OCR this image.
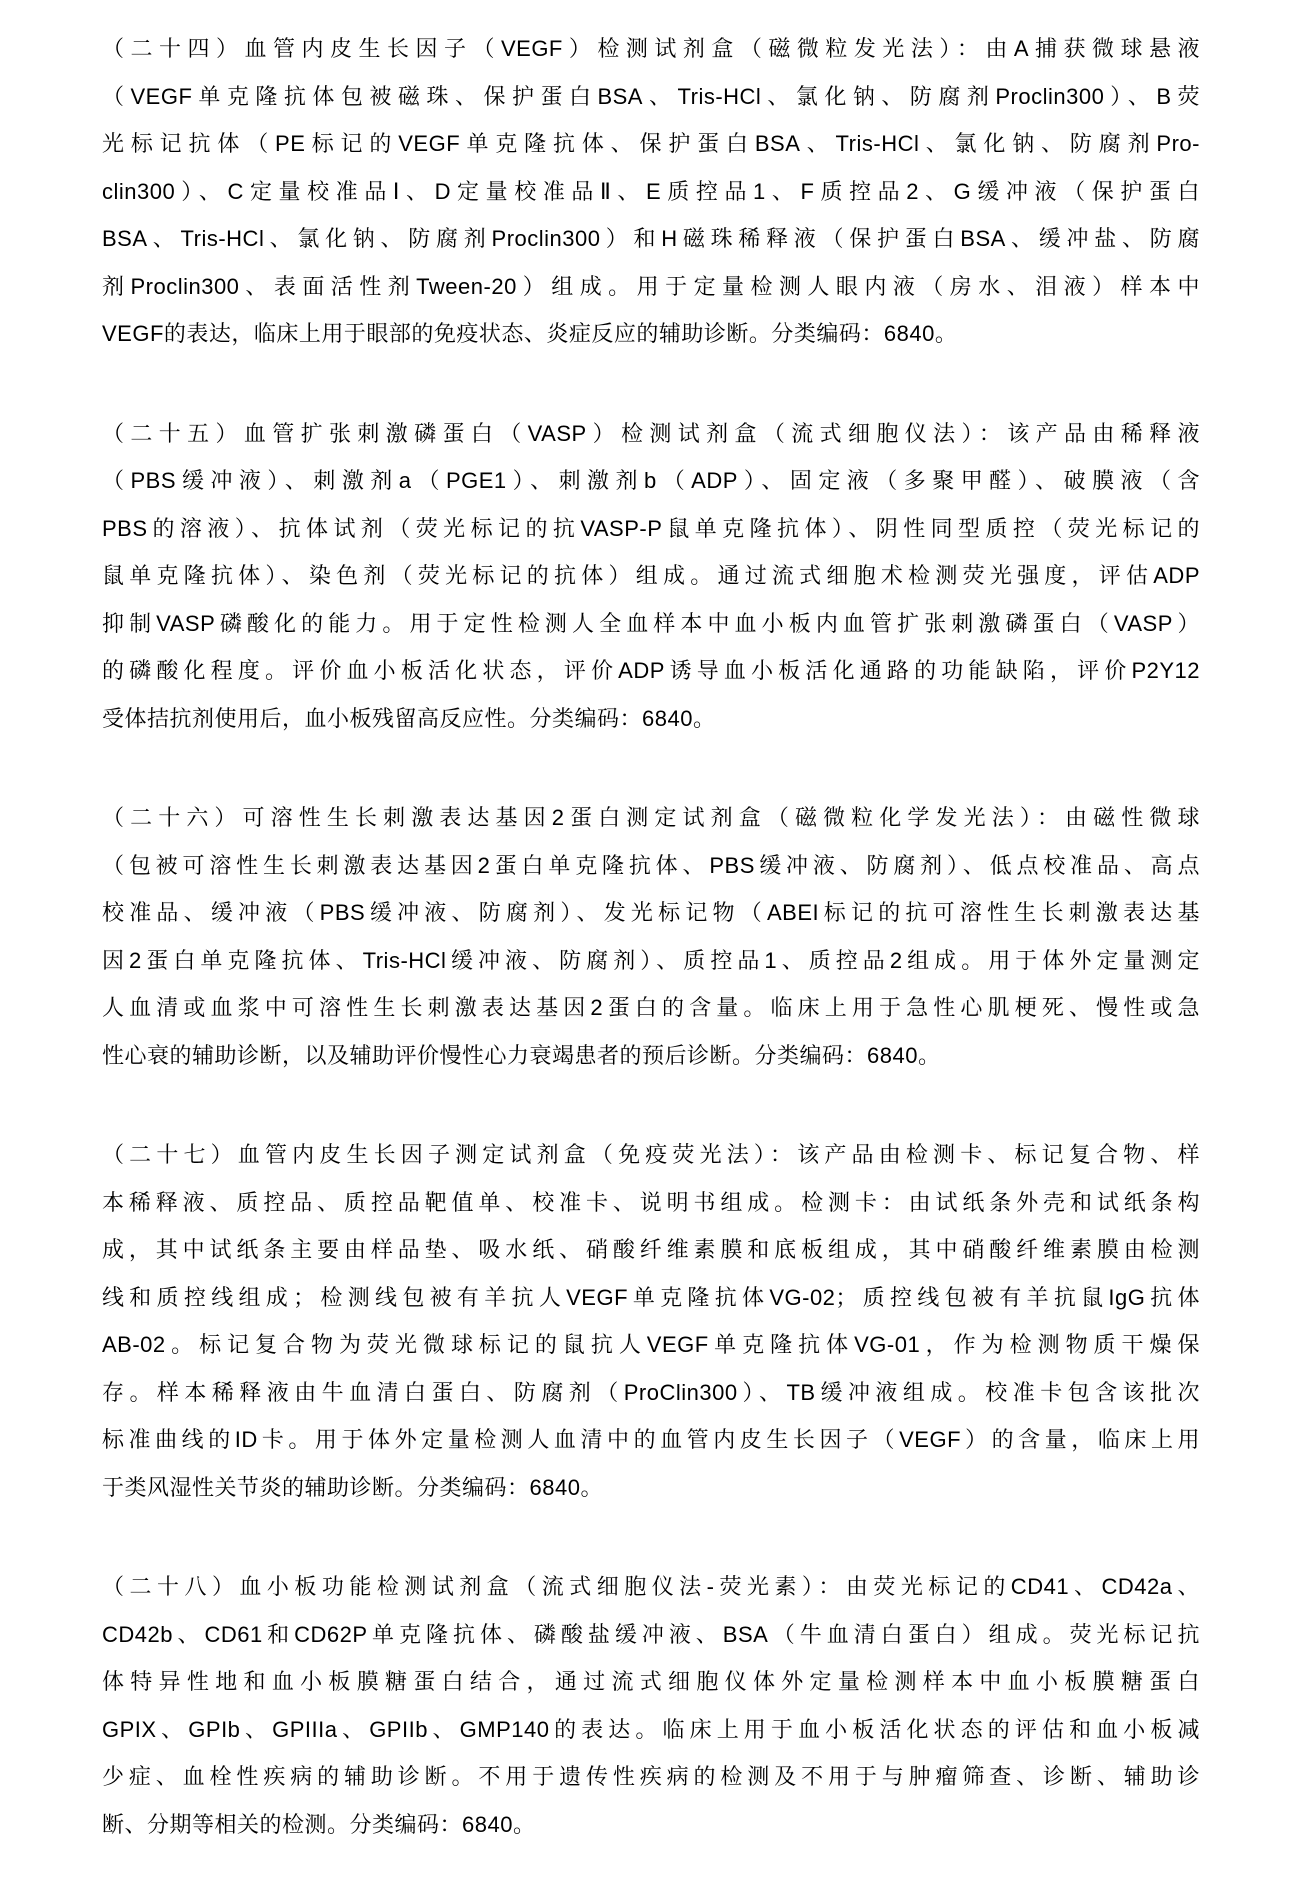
（二十四）血管内皮生长因子（VEGF）检测试剂盒（磁微粒发光法）：由A捕获微球悬液
（VEGF单克隆抗体包被磁珠、保护蛋白BSA、Tris-HCl、氯化钠、防腐剂Proclin300）、B荧
光标记抗体（PE标记的VEGF单克隆抗体、保护蛋白BSA、Tris-HCl、氯化钠、防腐剂Pro-
clin300）、C定量校准品Ⅰ、D定量校准品Ⅱ、E质控品1、F质控品2、G缓冲液（保护蛋白
BSA、Tris-HCl、氯化钠、防腐剂Proclin300）和H磁珠稀释液（保护蛋白BSA、缓冲盐、防腐
剂Proclin300、表面活性剂Tween-20）组成。用于定量检测人眼内液（房水、泪液）样本中
VEGF的表达，临床上用于眼部的免疫状态、炎症反应的辅助诊断。分类编码：6840。
（二十五）血管扩张刺激磷蛋白（VASP）检测试剂盒（流式细胞仪法）：该产品由稀释液
（PBS缓冲液）、刺激剂a（PGE1）、刺激剂b（ADP）、固定液（多聚甲醛）、破膜液（含
PBS的溶液）、抗体试剂（荧光标记的抗VASP-P鼠单克隆抗体）、阴性同型质控（荧光标记的
鼠单克隆抗体）、染色剂（荧光标记的抗体）组成。通过流式细胞术检测荧光强度，评估ADP
抑制VASP磷酸化的能力。用于定性检测人全血样本中血小板内血管扩张刺激磷蛋白（VASP）
的磷酸化程度。评价血小板活化状态，评价ADP诱导血小板活化通路的功能缺陷，评价P2Y12
受体拮抗剂使用后，血小板残留高反应性。分类编码：6840。
（二十六）可溶性生长刺激表达基因2蛋白测定试剂盒（磁微粒化学发光法）：由磁性微球
（包被可溶性生长刺激表达基因2蛋白单克隆抗体、PBS缓冲液、防腐剂）、低点校准品、高点
校准品、缓冲液（PBS缓冲液、防腐剂）、发光标记物（ABEI标记的抗可溶性生长刺激表达基
因2蛋白单克隆抗体、Tris-HCl缓冲液、防腐剂）、质控品1、质控品2组成。用于体外定量测定
人血清或血浆中可溶性生长刺激表达基因2蛋白的含量。临床上用于急性心肌梗死、慢性或急
性心衰的辅助诊断，以及辅助评价慢性心力衰竭患者的预后诊断。分类编码：6840。
（二十七）血管内皮生长因子测定试剂盒（免疫荧光法）：该产品由检测卡、标记复合物、样
本稀释液、质控品、质控品靶值单、校准卡、说明书组成。检测卡：由试纸条外壳和试纸条构
成，其中试纸条主要由样品垫、吸水纸、硝酸纤维素膜和底板组成，其中硝酸纤维素膜由检测
线和质控线组成；检测线包被有羊抗人VEGF单克隆抗体VG-02；质控线包被有羊抗鼠IgG抗体
AB-02。标记复合物为荧光微球标记的鼠抗人VEGF单克隆抗体VG-01，作为检测物质干燥保
存。样本稀释液由牛血清白蛋白、防腐剂（ProClin300）、TB缓冲液组成。校准卡包含该批次
标准曲线的ID卡。用于体外定量检测人血清中的血管内皮生长因子（VEGF）的含量，临床上用
于类风湿性关节炎的辅助诊断。分类编码：6840。
（二十八）血小板功能检测试剂盒（流式细胞仪法-荧光素）：由荧光标记的CD41、CD42a、
CD42b、CD61和CD62P单克隆抗体、磷酸盐缓冲液、BSA（牛血清白蛋白）组成。荧光标记抗
体特异性地和血小板膜糖蛋白结合，通过流式细胞仪体外定量检测样本中血小板膜糖蛋白
GPIX、GPIb、GPIIIa、GPIIb、GMP140的表达。临床上用于血小板活化状态的评估和血小板减
少症、血栓性疾病的辅助诊断。不用于遗传性疾病的检测及不用于与肿瘤筛查、诊断、辅助诊
断、分期等相关的检测。分类编码：6840。
